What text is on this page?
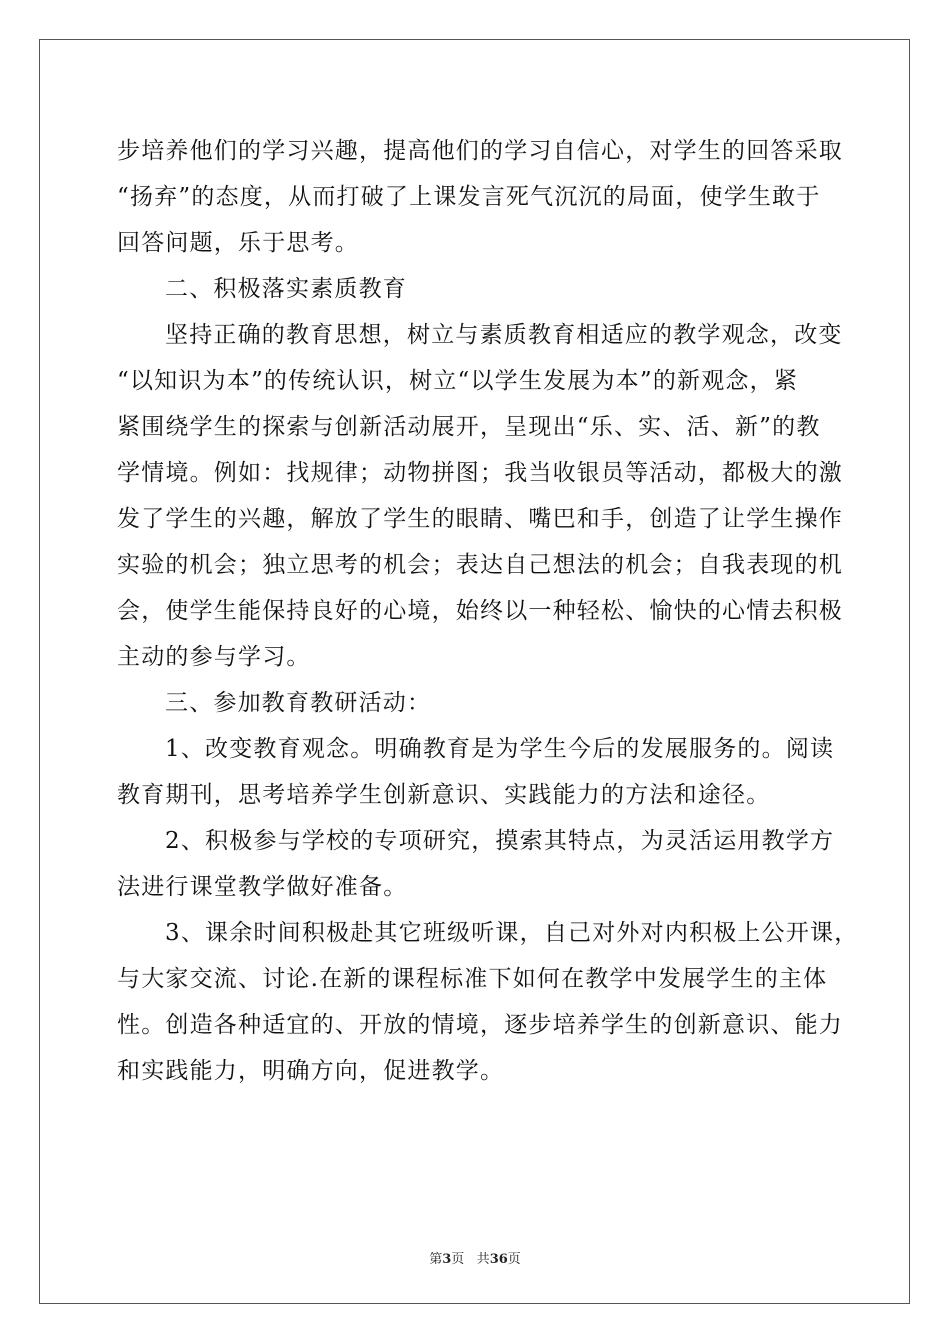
步培养他们的学习兴趣，提高他们的学习自信心，对学生的回答采取
“扬弃”的态度，从而打破了上课发言死气沉沉的局面，使学生敢于
回答问题，乐于思考。

二、积极落实素质教育

坚持正确的教育思想，树立与素质教育相适应的教学观念，改变
“以知识为本”的传统认识，树立“以学生发展为本”的新观念，紧
紧围绕学生的探索与创新活动展开，呈现出“乐、实、活、新”的教
学情境。例如：找规律；动物拼图；我当收银员等活动，都极大的激
发了学生的兴趣，解放了学生的眼睛、嘴巴和手，创造了让学生操作
实验的机会；独立思考的机会；表达自己想法的机会；自我表现的机
会，使学生能保持良好的心境，始终以一种轻松、愉快的心情去积极
主动的参与学习。

三、参加教育教研活动：

1、改变教育观念。明确教育是为学生今后的发展服务的。阅读
教育期刊，思考培养学生创新意识、实践能力的方法和途径。

2、积极参与学校的专项研究，摸索其特点，为灵活运用教学方
法进行课堂教学做好准备。

3、课余时间积极赴其它班级听课，自己对外对内积极上公开课，
与大家交流、讨论.在新的课程标准下如何在教学中发展学生的主体
性。创造各种适宜的、开放的情境，逐步培养学生的创新意识、能力
和实践能力，明确方向，促进教学。

第3页 共36页
